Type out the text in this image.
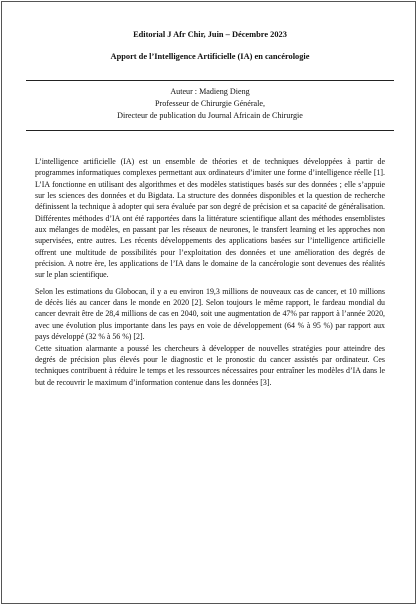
Editorial J Afr Chir, Juin – Décembre 2023
Apport de l’Intelligence Artificielle (IA) en cancérologie
Auteur : Madieng Dieng
Professeur de Chirurgie Générale,
Directeur de publication du Journal Africain de Chirurgie

L’intelligence artificielle (IA) est un ensemble de théories et de techniques développées à partir de programmes informatiques complexes permettant aux ordinateurs d’imiter une forme d’intelligence réelle [1]. L’IA fonctionne en utilisant des algorithmes et des modèles statistiques basés sur des données ; elle s’appuie sur les sciences des données et du Bigdata. La structure des données disponibles et la question de recherche définissent la technique à adopter qui sera évaluée par son degré de précision et sa capacité de généralisation. Différentes méthodes d’IA ont été rapportées dans la littérature scientifique allant des méthodes ensemblistes aux mélanges de modèles, en passant par les réseaux de neurones, le transfert learning et les approches non supervisées, entre autres. Les récents développements des applications basées sur l’intelligence artificielle offrent une multitude de possibilités pour l’exploitation des données et une amélioration des degrés de précision. A notre ère, les applications de l’IA dans le domaine de la cancérologie sont devenues des réalités sur le plan scientifique.

Selon les estimations du Globocan, il y a eu environ 19,3 millions de nouveaux cas de cancer, et 10 millions de décès liés au cancer dans le monde en 2020 [2]. Selon toujours le même rapport, le fardeau mondial du cancer devrait être de 28,4 millions de cas en 2040, soit une augmentation de 47% par rapport à l’année 2020, avec une évolution plus importante dans les pays en voie de développement (64 % à 95 %) par rapport aux pays développé (32 % à 56 %) [2].

Cette situation alarmante a poussé les chercheurs à développer de nouvelles stratégies pour atteindre des degrés de précision plus élevés pour le diagnostic et le pronostic du cancer assistés par ordinateur. Ces techniques contribuent à réduire le temps et les ressources nécessaires pour entraîner les modèles d’IA dans le but de recouvrir le maximum d’information contenue dans les données [3].
